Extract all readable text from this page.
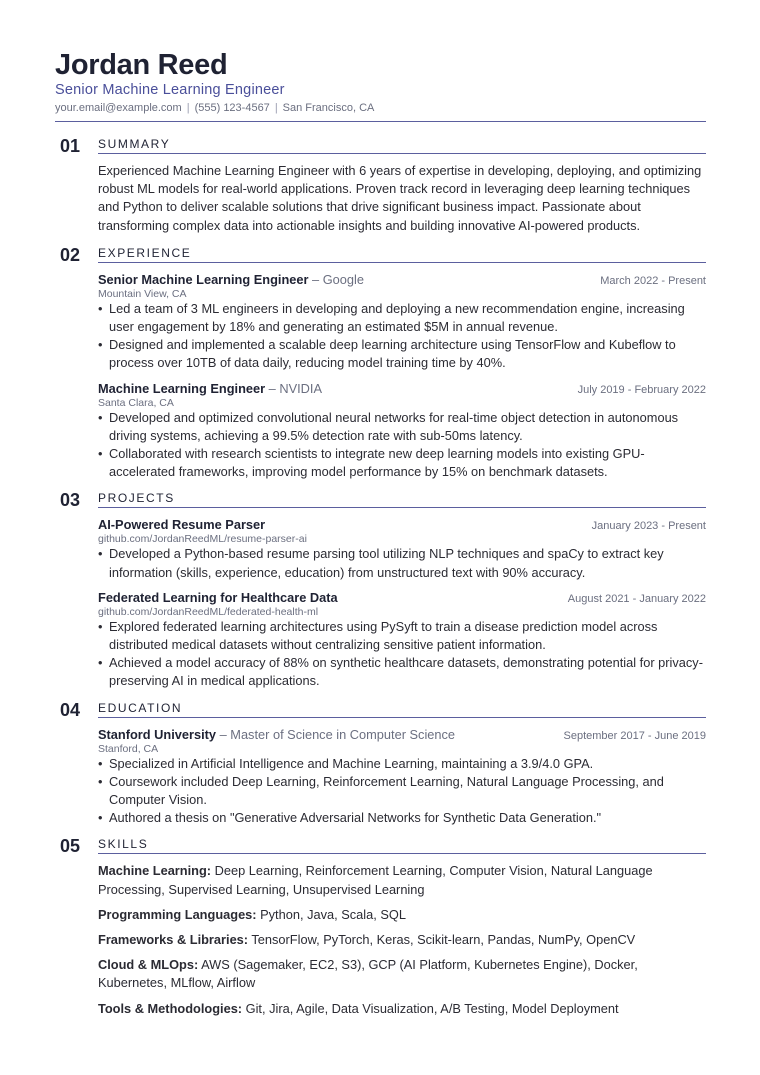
Jordan Reed
Senior Machine Learning Engineer
your.email@example.com | (555) 123-4567 | San Francisco, CA
01 SUMMARY

Experienced Machine Learning Engineer with 6 years of expertise in developing, deploying, and optimizing robust ML models for real-world applications. Proven track record in leveraging deep learning techniques and Python to deliver scalable solutions that drive significant business impact. Passionate about transforming complex data into actionable insights and building innovative AI-powered products.

02 EXPERIENCE
Senior Machine Learning Engineer – Google	March 2022 - Present
Mountain View, CA
• Led a team of 3 ML engineers in developing and deploying a new recommendation engine, increasing user engagement by 18% and generating an estimated $5M in annual revenue.
• Designed and implemented a scalable deep learning architecture using TensorFlow and Kubeflow to process over 10TB of data daily, reducing model training time by 40%.
Machine Learning Engineer – NVIDIA	July 2019 - February 2022
Santa Clara, CA
• Developed and optimized convolutional neural networks for real-time object detection in autonomous driving systems, achieving a 99.5% detection rate with sub-50ms latency.
• Collaborated with research scientists to integrate new deep learning models into existing GPU-accelerated frameworks, improving model performance by 15% on benchmark datasets.
03 PROJECTS
AI-Powered Resume Parser	January 2023 - Present
github.com/JordanReedML/resume-parser-ai
• Developed a Python-based resume parsing tool utilizing NLP techniques and spaCy to extract key information (skills, experience, education) from unstructured text with 90% accuracy.
Federated Learning for Healthcare Data	August 2021 - January 2022
github.com/JordanReedML/federated-health-ml
• Explored federated learning architectures using PySyft to train a disease prediction model across distributed medical datasets without centralizing sensitive patient information.
• Achieved a model accuracy of 88% on synthetic healthcare datasets, demonstrating potential for privacy-preserving AI in medical applications.
04 EDUCATION
Stanford University – Master of Science in Computer Science	September 2017 - June 2019
Stanford, CA
• Specialized in Artificial Intelligence and Machine Learning, maintaining a 3.9/4.0 GPA.
• Coursework included Deep Learning, Reinforcement Learning, Natural Language Processing, and Computer Vision.
• Authored a thesis on "Generative Adversarial Networks for Synthetic Data Generation."
05 SKILLS

Machine Learning: Deep Learning, Reinforcement Learning, Computer Vision, Natural Language Processing, Supervised Learning, Unsupervised Learning

Programming Languages: Python, Java, Scala, SQL

Frameworks & Libraries: TensorFlow, PyTorch, Keras, Scikit-learn, Pandas, NumPy, OpenCV

Cloud & MLOps: AWS (Sagemaker, EC2, S3), GCP (AI Platform, Kubernetes Engine), Docker, Kubernetes, MLflow, Airflow

Tools & Methodologies: Git, Jira, Agile, Data Visualization, A/B Testing, Model Deployment
